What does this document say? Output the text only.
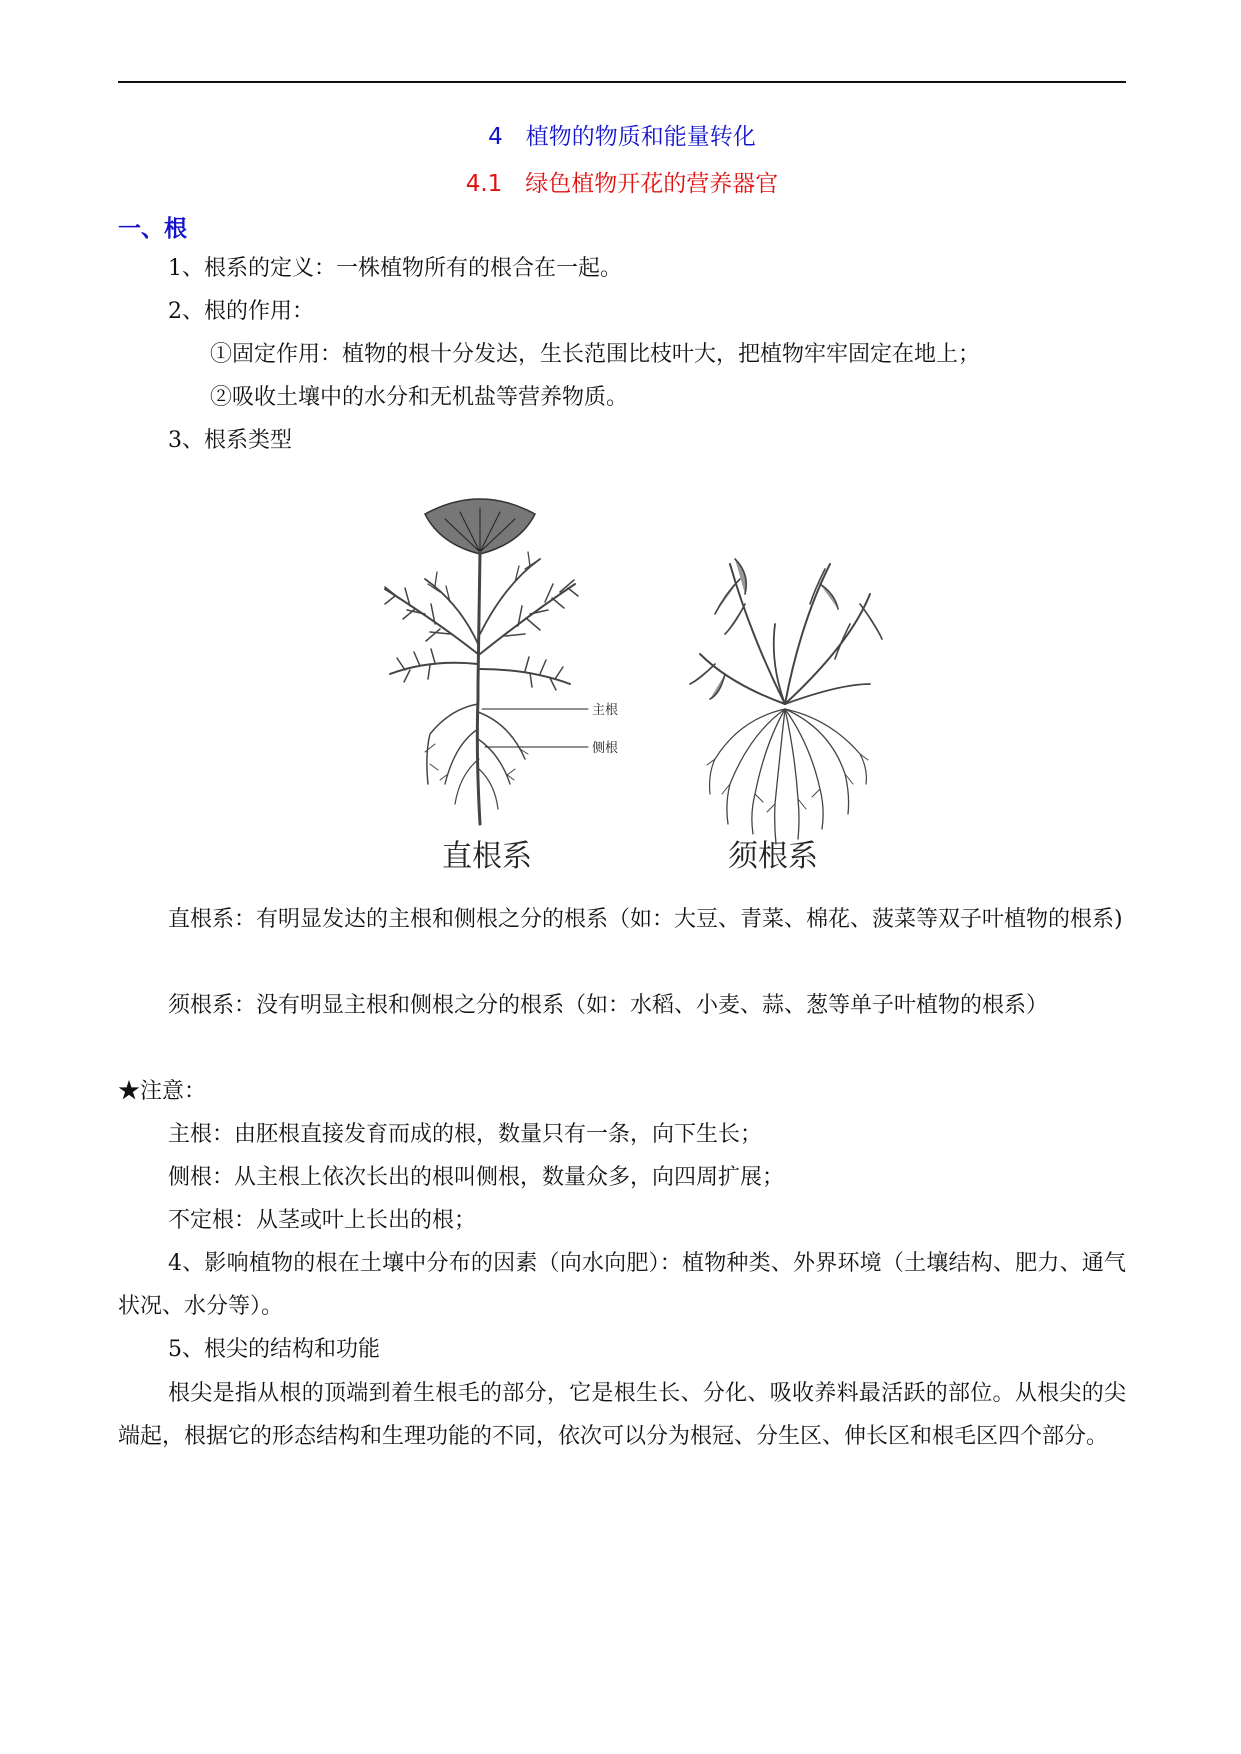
4　植物的物质和能量转化
4.1　绿色植物开花的营养器官
一、根
1、根系的定义：一株植物所有的根合在一起。
2、根的作用：
①固定作用：植物的根十分发达，生长范围比枝叶大，把植物牢牢固定在地上；
②吸收土壤中的水分和无机盐等营养物质。
3、根系类型
主根
侧根
直根系	须根系
直根系：有明显发达的主根和侧根之分的根系（如：大豆、青菜、棉花、菠菜等双子叶植物的根系)
须根系：没有明显主根和侧根之分的根系（如：水稻、小麦、蒜、葱等单子叶植物的根系）
★注意：
主根：由胚根直接发育而成的根，数量只有一条，向下生长；
侧根：从主根上依次长出的根叫侧根，数量众多，向四周扩展；
不定根：从茎或叶上长出的根；
4、影响植物的根在土壤中分布的因素（向水向肥）：植物种类、外界环境（土壤结构、肥力、通气状况、水分等）。
5、根尖的结构和功能
根尖是指从根的顶端到着生根毛的部分，它是根生长、分化、吸收养料最活跃的部位。从根尖的尖端起，根据它的形态结构和生理功能的不同，依次可以分为根冠、分生区、伸长区和根毛区四个部分。
